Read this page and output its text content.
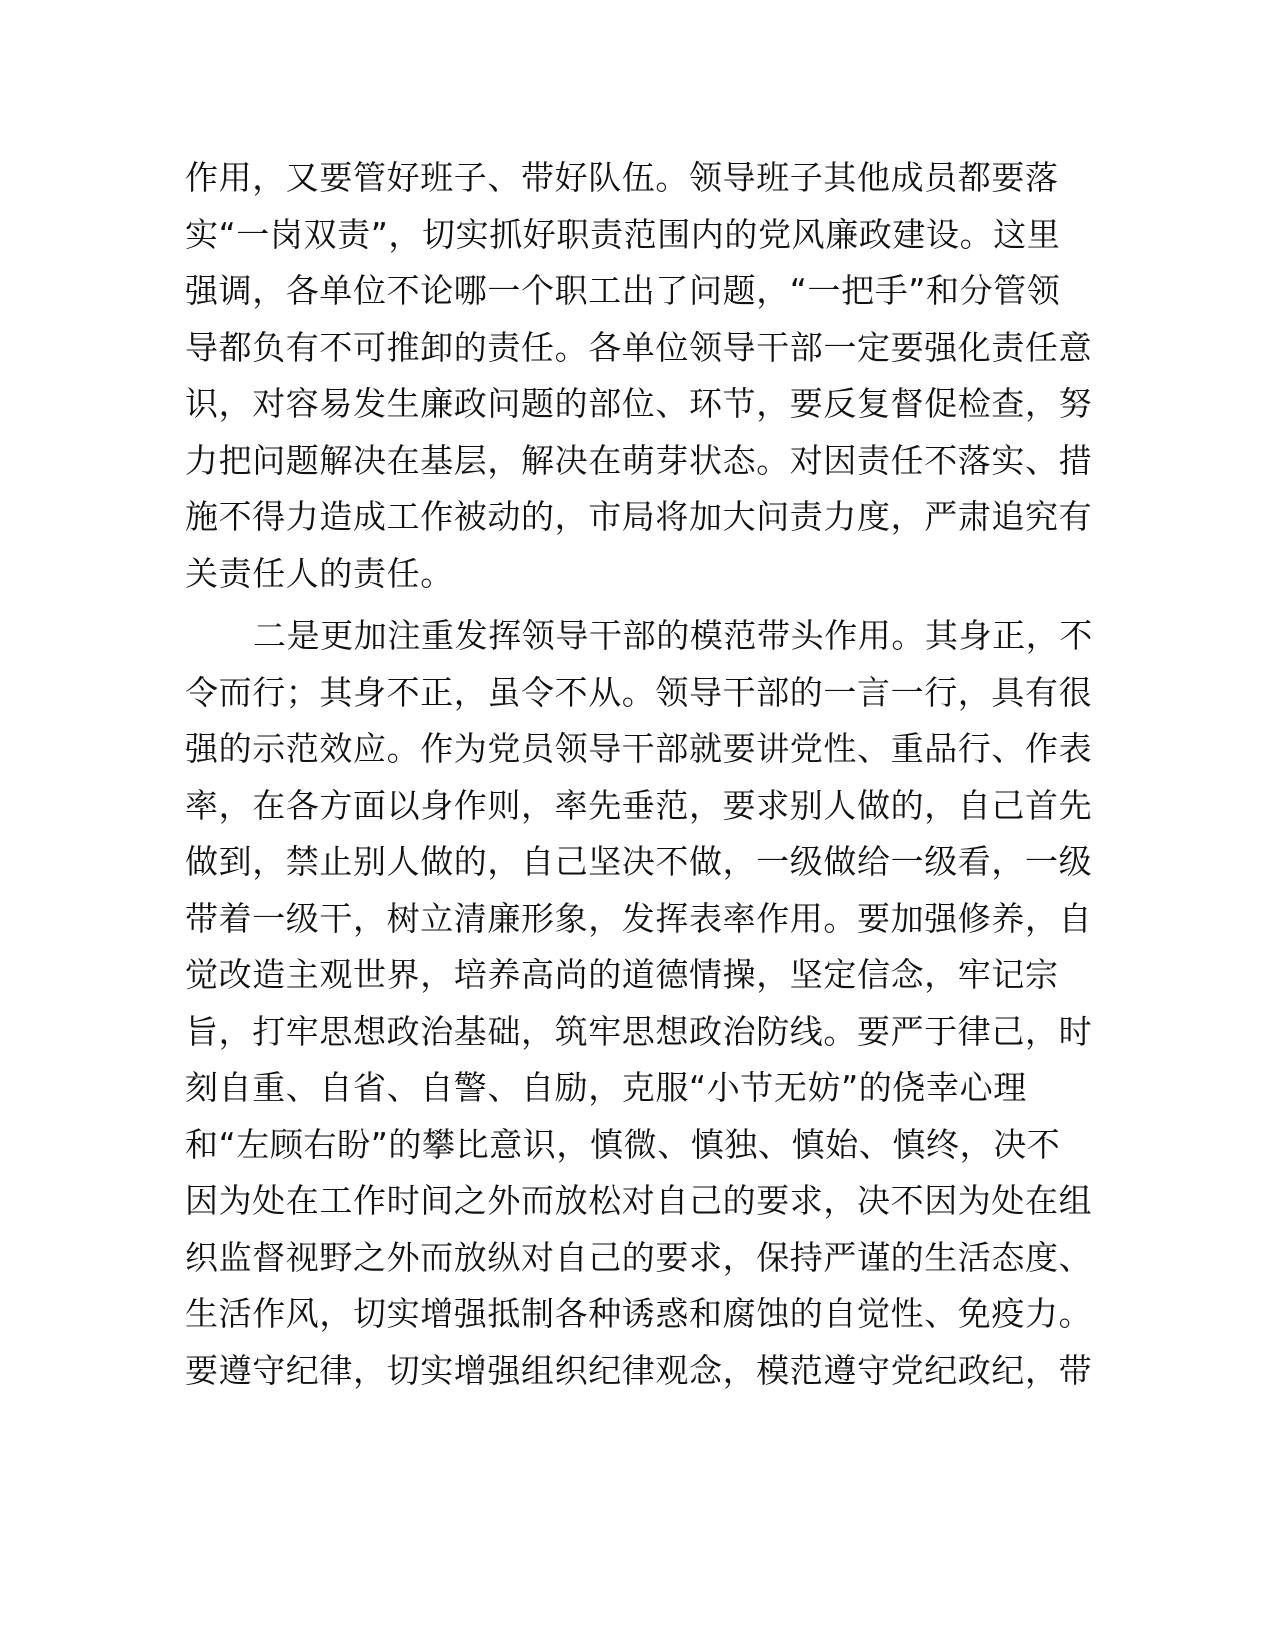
作用，又要管好班子、带好队伍。领导班子其他成员都要落
实“一岗双责”，切实抓好职责范围内的党风廉政建设。这里
强调，各单位不论哪一个职工出了问题，“一把手”和分管领
导都负有不可推卸的责任。各单位领导干部一定要强化责任意
识，对容易发生廉政问题的部位、环节，要反复督促检查，努
力把问题解决在基层，解决在萌芽状态。对因责任不落实、措
施不得力造成工作被动的，市局将加大问责力度，严肃追究有
关责任人的责任。
二是更加注重发挥领导干部的模范带头作用。其身正，不
令而行；其身不正，虽令不从。领导干部的一言一行，具有很
强的示范效应。作为党员领导干部就要讲党性、重品行、作表
率，在各方面以身作则，率先垂范，要求别人做的，自己首先
做到，禁止别人做的，自己坚决不做，一级做给一级看，一级
带着一级干，树立清廉形象，发挥表率作用。要加强修养，自
觉改造主观世界，培养高尚的道德情操，坚定信念，牢记宗
旨，打牢思想政治基础，筑牢思想政治防线。要严于律己，时
刻自重、自省、自警、自励，克服“小节无妨”的侥幸心理
和“左顾右盼”的攀比意识，慎微、慎独、慎始、慎终，决不
因为处在工作时间之外而放松对自己的要求，决不因为处在组
织监督视野之外而放纵对自己的要求，保持严谨的生活态度、
生活作风，切实增强抵制各种诱惑和腐蚀的自觉性、免疫力。
要遵守纪律，切实增强组织纪律观念，模范遵守党纪政纪，带
